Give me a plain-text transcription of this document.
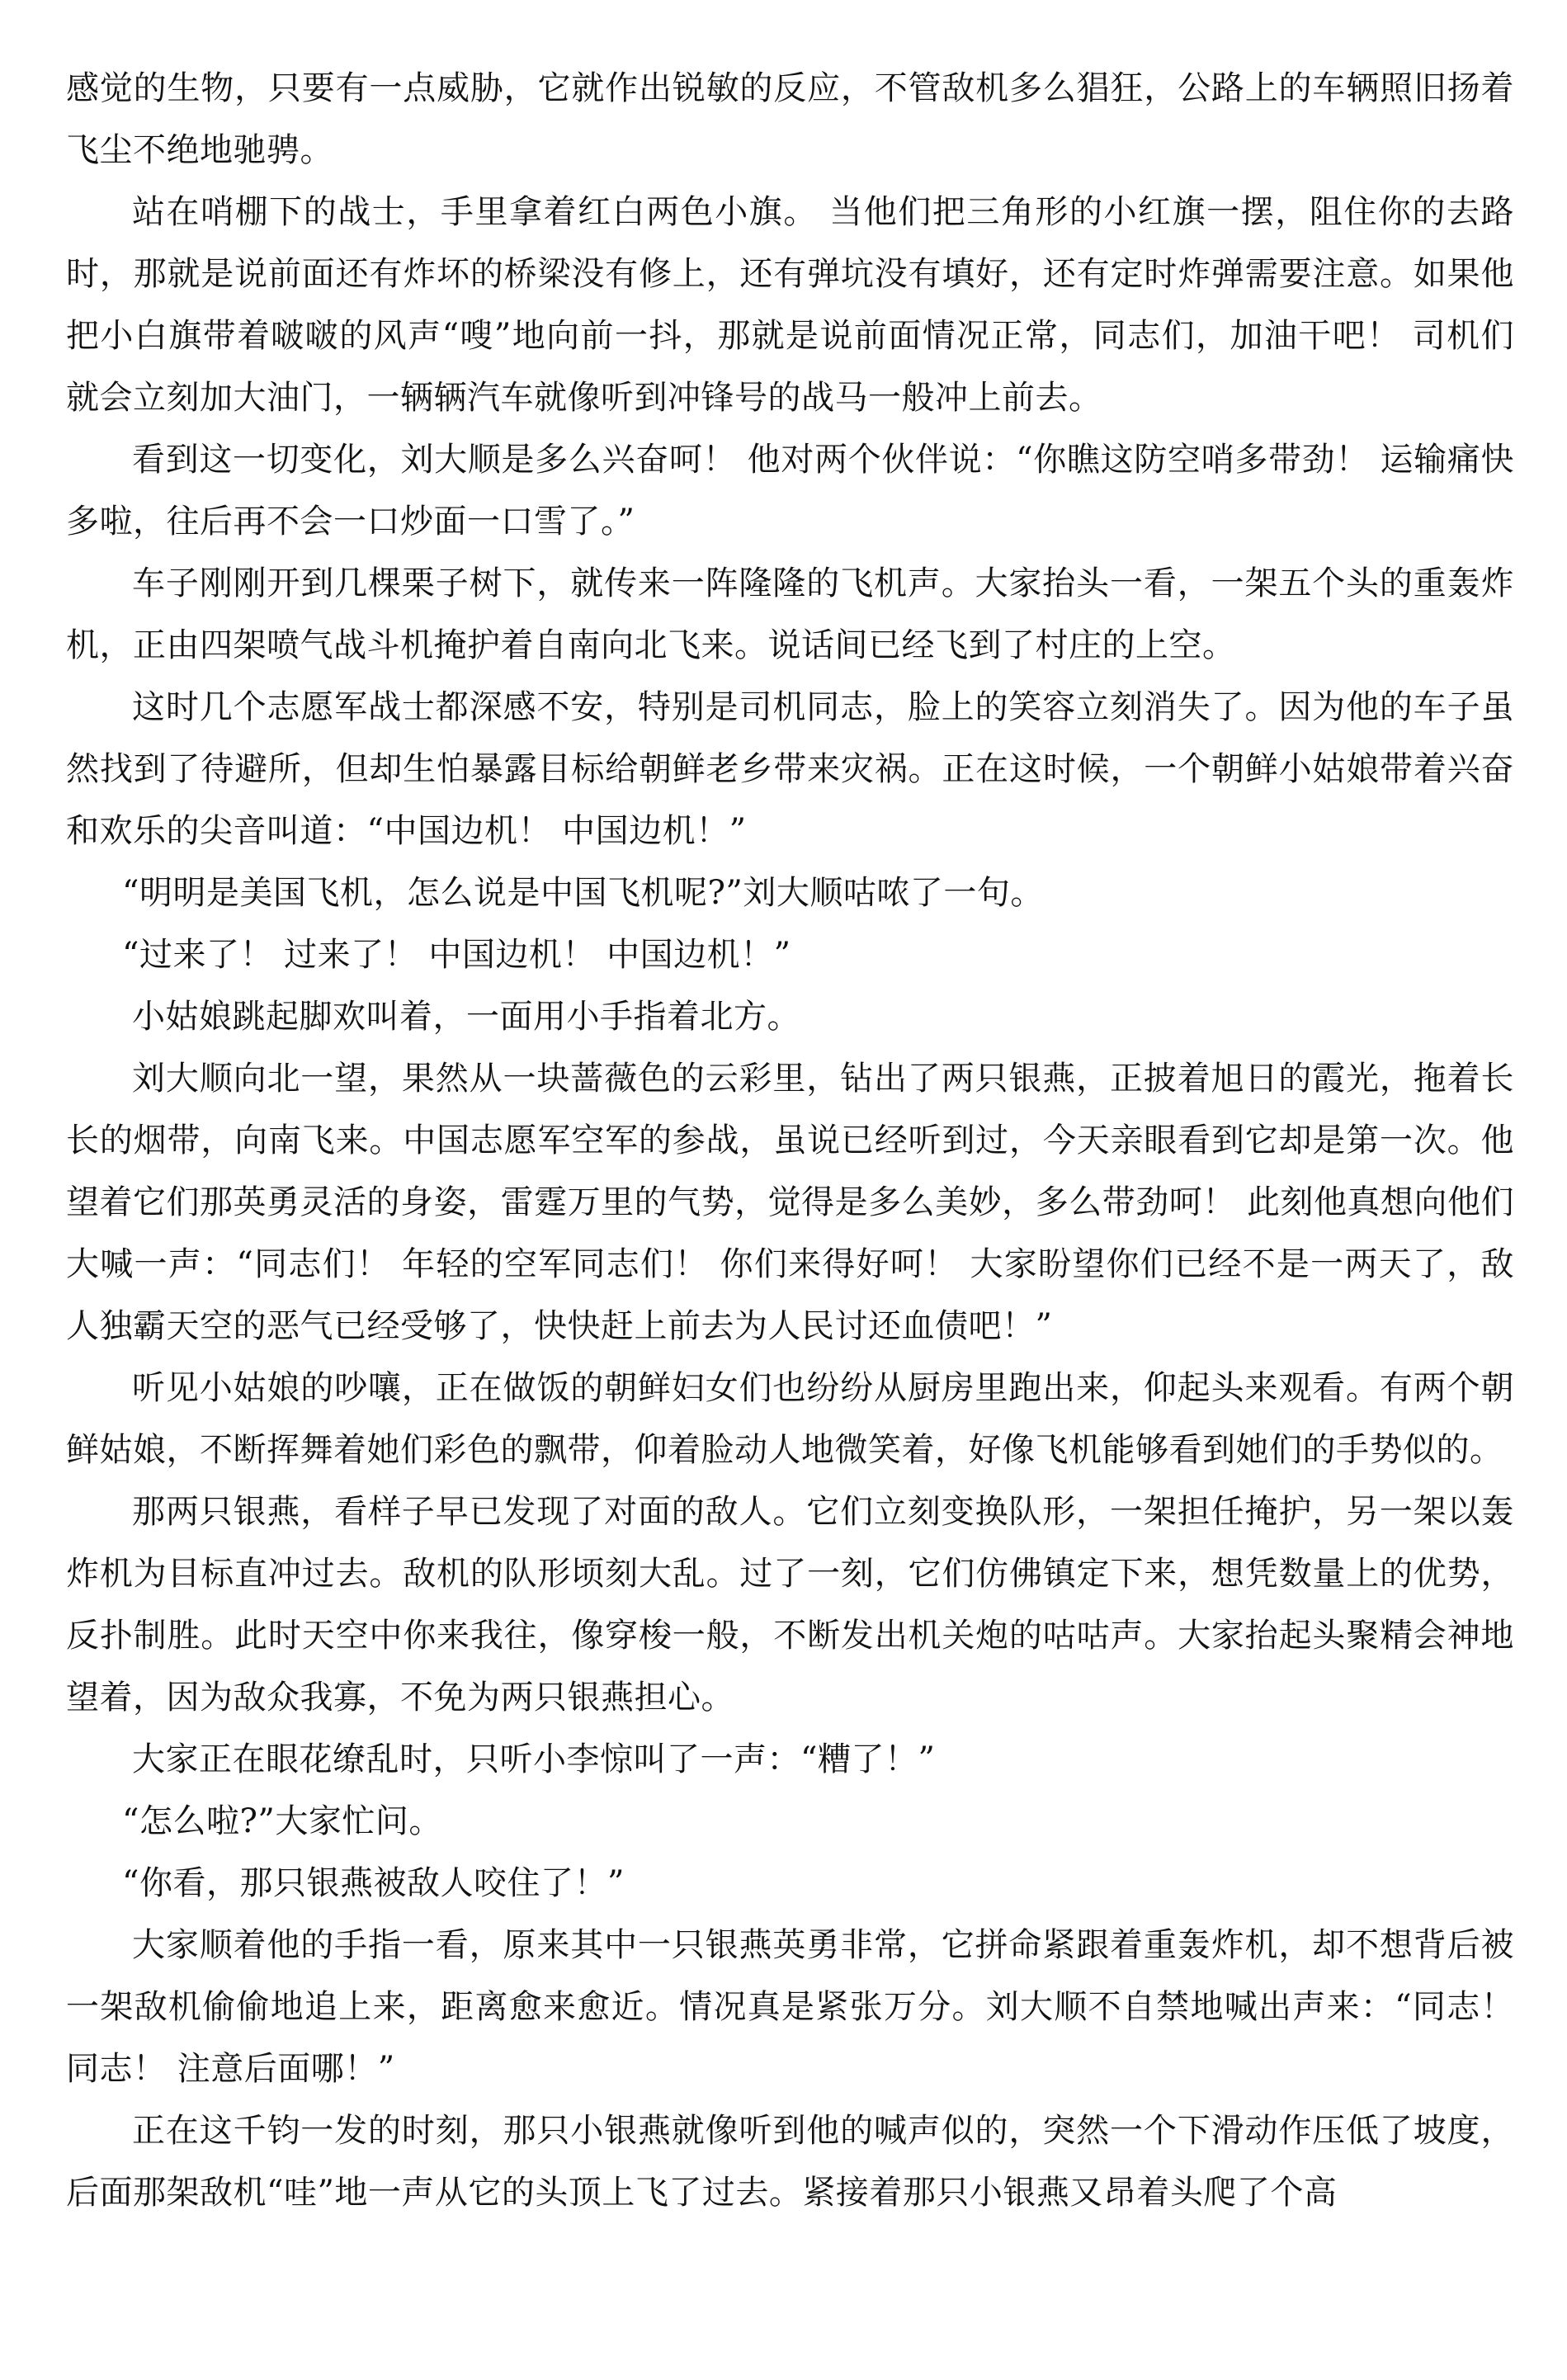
感觉的生物，只要有一点威胁，它就作出锐敏的反应，不管敌机多么猖狂，公路上的车辆照旧扬着飞尘不绝地驰骋。

站在哨棚下的战士，手里拿着红白两色小旗。 当他们把三角形的小红旗一摆，阻住你的去路时，那就是说前面还有炸坏的桥梁没有修上，还有弹坑没有填好，还有定时炸弹需要注意。如果他把小白旗带着啵啵的风声“嗖”地向前一抖，那就是说前面情况正常，同志们，加油干吧！ 司机们就会立刻加大油门，一辆辆汽车就像听到冲锋号的战马一般冲上前去。

看到这一切变化，刘大顺是多么兴奋呵！ 他对两个伙伴说：“你瞧这防空哨多带劲！ 运输痛快多啦，往后再不会一口炒面一口雪了。”

车子刚刚开到几棵栗子树下，就传来一阵隆隆的飞机声。大家抬头一看，一架五个头的重轰炸机，正由四架喷气战斗机掩护着自南向北飞来。说话间已经飞到了村庄的上空。

这时几个志愿军战士都深感不安，特别是司机同志，脸上的笑容立刻消失了。因为他的车子虽然找到了待避所，但却生怕暴露目标给朝鲜老乡带来灾祸。正在这时候，一个朝鲜小姑娘带着兴奋和欢乐的尖音叫道：“中国边机！ 中国边机！”

“明明是美国飞机，怎么说是中国飞机呢?”刘大顺咕哝了一句。

“过来了！ 过来了！ 中国边机！ 中国边机！”

小姑娘跳起脚欢叫着，一面用小手指着北方。

刘大顺向北一望，果然从一块蔷薇色的云彩里，钻出了两只银燕，正披着旭日的霞光，拖着长长的烟带，向南飞来。中国志愿军空军的参战，虽说已经听到过，今天亲眼看到它却是第一次。他望着它们那英勇灵活的身姿，雷霆万里的气势，觉得是多么美妙，多么带劲呵！ 此刻他真想向他们大喊一声：“同志们！ 年轻的空军同志们！ 你们来得好呵！ 大家盼望你们已经不是一两天了，敌人独霸天空的恶气已经受够了，快快赶上前去为人民讨还血债吧！”

听见小姑娘的吵嚷，正在做饭的朝鲜妇女们也纷纷从厨房里跑出来，仰起头来观看。有两个朝鲜姑娘，不断挥舞着她们彩色的飘带，仰着脸动人地微笑着，好像飞机能够看到她们的手势似的。

那两只银燕，看样子早已发现了对面的敌人。它们立刻变换队形，一架担任掩护，另一架以轰炸机为目标直冲过去。敌机的队形顷刻大乱。过了一刻，它们仿佛镇定下来，想凭数量上的优势，反扑制胜。此时天空中你来我往，像穿梭一般，不断发出机关炮的咕咕声。大家抬起头聚精会神地望着，因为敌众我寡，不免为两只银燕担心。

大家正在眼花缭乱时，只听小李惊叫了一声：“糟了！”

“怎么啦?”大家忙问。

“你看，那只银燕被敌人咬住了！”

大家顺着他的手指一看，原来其中一只银燕英勇非常，它拼命紧跟着重轰炸机，却不想背后被一架敌机偷偷地追上来，距离愈来愈近。情况真是紧张万分。刘大顺不自禁地喊出声来：“同志！ 同志！ 注意后面哪！”

正在这千钧一发的时刻，那只小银燕就像听到他的喊声似的，突然一个下滑动作压低了坡度，后面那架敌机“哇”地一声从它的头顶上飞了过去。紧接着那只小银燕又昂着头爬了个高
